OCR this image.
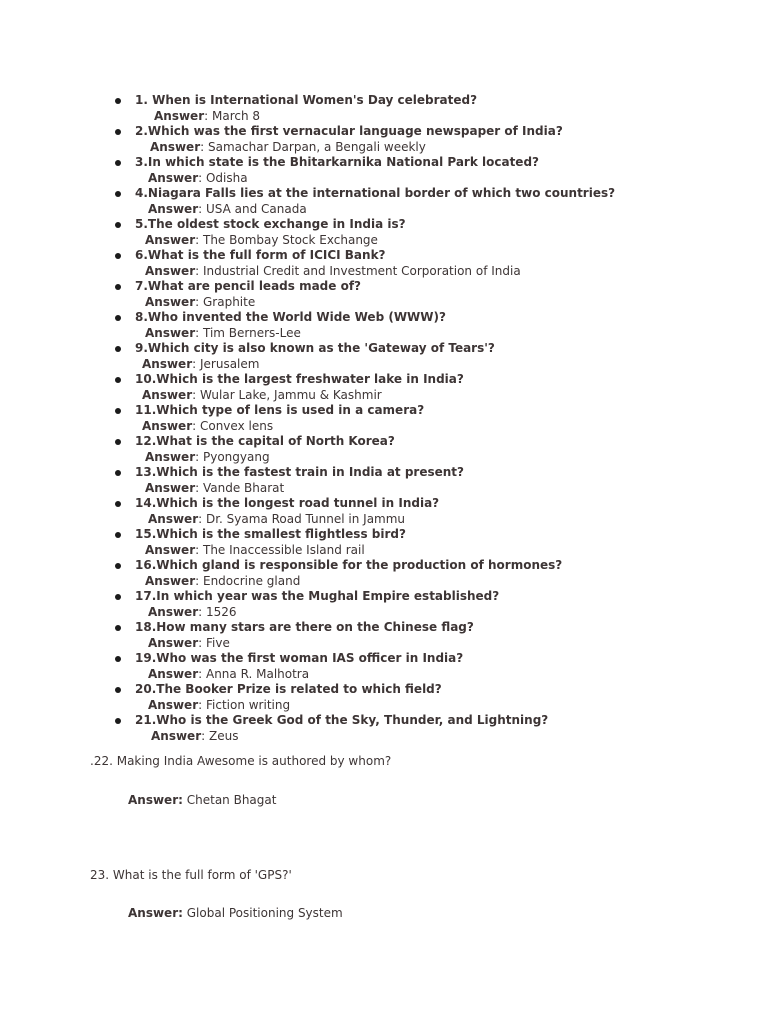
1. When is International Women's Day celebrated?
Answer: March 8
2.Which was the first vernacular language newspaper of India?
Answer: Samachar Darpan, a Bengali weekly
3.In which state is the Bhitarkarnika National Park located?
Answer: Odisha
4.Niagara Falls lies at the international border of which two countries?
Answer: USA and Canada
5.The oldest stock exchange in India is?
Answer: The Bombay Stock Exchange
6.What is the full form of ICICI Bank?
Answer: Industrial Credit and Investment Corporation of India
7.What are pencil leads made of?
Answer: Graphite
8.Who invented the World Wide Web (WWW)?
Answer: Tim Berners-Lee
9.Which city is also known as the 'Gateway of Tears'?
Answer: Jerusalem
10.Which is the largest freshwater lake in India?
Answer: Wular Lake, Jammu & Kashmir
11.Which type of lens is used in a camera?
Answer: Convex lens
12.What is the capital of North Korea?
Answer: Pyongyang
13.Which is the fastest train in India at present?
Answer: Vande Bharat
14.Which is the longest road tunnel in India?
Answer: Dr. Syama Road Tunnel in Jammu
15.Which is the smallest flightless bird?
Answer: The Inaccessible Island rail
16.Which gland is responsible for the production of hormones?
Answer: Endocrine gland
17.In which year was the Mughal Empire established?
Answer: 1526
18.How many stars are there on the Chinese flag?
Answer: Five
19.Who was the first woman IAS officer in India?
Answer: Anna R. Malhotra
20.The Booker Prize is related to which field?
Answer: Fiction writing
21.Who is the Greek God of the Sky, Thunder, and Lightning?
Answer: Zeus
.22. Making India Awesome is authored by whom?
Answer: Chetan Bhagat
23. What is the full form of 'GPS?'
Answer: Global Positioning System
